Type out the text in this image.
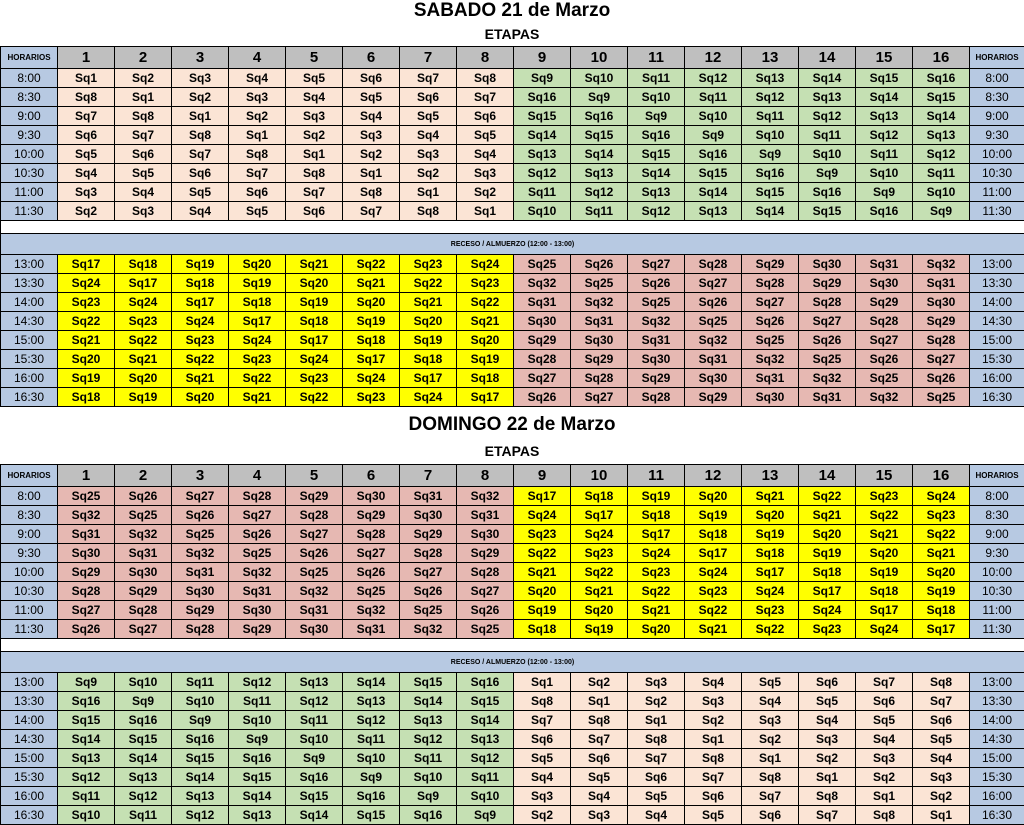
SABADO 21 de Marzo
ETAPAS
HORARIOS	1	2	3	4	5	6	7	8	9	10	11	12	13	14	15	16	HORARIOS
8:00	Sq1	Sq2	Sq3	Sq4	Sq5	Sq6	Sq7	Sq8	Sq9	Sq10	Sq11	Sq12	Sq13	Sq14	Sq15	Sq16	8:00
8:30	Sq8	Sq1	Sq2	Sq3	Sq4	Sq5	Sq6	Sq7	Sq16	Sq9	Sq10	Sq11	Sq12	Sq13	Sq14	Sq15	8:30
9:00	Sq7	Sq8	Sq1	Sq2	Sq3	Sq4	Sq5	Sq6	Sq15	Sq16	Sq9	Sq10	Sq11	Sq12	Sq13	Sq14	9:00
9:30	Sq6	Sq7	Sq8	Sq1	Sq2	Sq3	Sq4	Sq5	Sq14	Sq15	Sq16	Sq9	Sq10	Sq11	Sq12	Sq13	9:30
10:00	Sq5	Sq6	Sq7	Sq8	Sq1	Sq2	Sq3	Sq4	Sq13	Sq14	Sq15	Sq16	Sq9	Sq10	Sq11	Sq12	10:00
10:30	Sq4	Sq5	Sq6	Sq7	Sq8	Sq1	Sq2	Sq3	Sq12	Sq13	Sq14	Sq15	Sq16	Sq9	Sq10	Sq11	10:30
11:00	Sq3	Sq4	Sq5	Sq6	Sq7	Sq8	Sq1	Sq2	Sq11	Sq12	Sq13	Sq14	Sq15	Sq16	Sq9	Sq10	11:00
11:30	Sq2	Sq3	Sq4	Sq5	Sq6	Sq7	Sq8	Sq1	Sq10	Sq11	Sq12	Sq13	Sq14	Sq15	Sq16	Sq9	11:30

RECESO / ALMUERZO (12:00 - 13:00)																	
13:00	Sq17	Sq18	Sq19	Sq20	Sq21	Sq22	Sq23	Sq24	Sq25	Sq26	Sq27	Sq28	Sq29	Sq30	Sq31	Sq32	13:00
13:30	Sq24	Sq17	Sq18	Sq19	Sq20	Sq21	Sq22	Sq23	Sq32	Sq25	Sq26	Sq27	Sq28	Sq29	Sq30	Sq31	13:30
14:00	Sq23	Sq24	Sq17	Sq18	Sq19	Sq20	Sq21	Sq22	Sq31	Sq32	Sq25	Sq26	Sq27	Sq28	Sq29	Sq30	14:00
14:30	Sq22	Sq23	Sq24	Sq17	Sq18	Sq19	Sq20	Sq21	Sq30	Sq31	Sq32	Sq25	Sq26	Sq27	Sq28	Sq29	14:30
15:00	Sq21	Sq22	Sq23	Sq24	Sq17	Sq18	Sq19	Sq20	Sq29	Sq30	Sq31	Sq32	Sq25	Sq26	Sq27	Sq28	15:00
15:30	Sq20	Sq21	Sq22	Sq23	Sq24	Sq17	Sq18	Sq19	Sq28	Sq29	Sq30	Sq31	Sq32	Sq25	Sq26	Sq27	15:30
16:00	Sq19	Sq20	Sq21	Sq22	Sq23	Sq24	Sq17	Sq18	Sq27	Sq28	Sq29	Sq30	Sq31	Sq32	Sq25	Sq26	16:00
16:30	Sq18	Sq19	Sq20	Sq21	Sq22	Sq23	Sq24	Sq17	Sq26	Sq27	Sq28	Sq29	Sq30	Sq31	Sq32	Sq25	16:30
DOMINGO 22 de Marzo
ETAPAS
HORARIOS	1	2	3	4	5	6	7	8	9	10	11	12	13	14	15	16	HORARIOS
8:00	Sq25	Sq26	Sq27	Sq28	Sq29	Sq30	Sq31	Sq32	Sq17	Sq18	Sq19	Sq20	Sq21	Sq22	Sq23	Sq24	8:00
8:30	Sq32	Sq25	Sq26	Sq27	Sq28	Sq29	Sq30	Sq31	Sq24	Sq17	Sq18	Sq19	Sq20	Sq21	Sq22	Sq23	8:30
9:00	Sq31	Sq32	Sq25	Sq26	Sq27	Sq28	Sq29	Sq30	Sq23	Sq24	Sq17	Sq18	Sq19	Sq20	Sq21	Sq22	9:00
9:30	Sq30	Sq31	Sq32	Sq25	Sq26	Sq27	Sq28	Sq29	Sq22	Sq23	Sq24	Sq17	Sq18	Sq19	Sq20	Sq21	9:30
10:00	Sq29	Sq30	Sq31	Sq32	Sq25	Sq26	Sq27	Sq28	Sq21	Sq22	Sq23	Sq24	Sq17	Sq18	Sq19	Sq20	10:00
10:30	Sq28	Sq29	Sq30	Sq31	Sq32	Sq25	Sq26	Sq27	Sq20	Sq21	Sq22	Sq23	Sq24	Sq17	Sq18	Sq19	10:30
11:00	Sq27	Sq28	Sq29	Sq30	Sq31	Sq32	Sq25	Sq26	Sq19	Sq20	Sq21	Sq22	Sq23	Sq24	Sq17	Sq18	11:00
11:30	Sq26	Sq27	Sq28	Sq29	Sq30	Sq31	Sq32	Sq25	Sq18	Sq19	Sq20	Sq21	Sq22	Sq23	Sq24	Sq17	11:30

RECESO / ALMUERZO (12:00 - 13:00)																	
13:00	Sq9	Sq10	Sq11	Sq12	Sq13	Sq14	Sq15	Sq16	Sq1	Sq2	Sq3	Sq4	Sq5	Sq6	Sq7	Sq8	13:00
13:30	Sq16	Sq9	Sq10	Sq11	Sq12	Sq13	Sq14	Sq15	Sq8	Sq1	Sq2	Sq3	Sq4	Sq5	Sq6	Sq7	13:30
14:00	Sq15	Sq16	Sq9	Sq10	Sq11	Sq12	Sq13	Sq14	Sq7	Sq8	Sq1	Sq2	Sq3	Sq4	Sq5	Sq6	14:00
14:30	Sq14	Sq15	Sq16	Sq9	Sq10	Sq11	Sq12	Sq13	Sq6	Sq7	Sq8	Sq1	Sq2	Sq3	Sq4	Sq5	14:30
15:00	Sq13	Sq14	Sq15	Sq16	Sq9	Sq10	Sq11	Sq12	Sq5	Sq6	Sq7	Sq8	Sq1	Sq2	Sq3	Sq4	15:00
15:30	Sq12	Sq13	Sq14	Sq15	Sq16	Sq9	Sq10	Sq11	Sq4	Sq5	Sq6	Sq7	Sq8	Sq1	Sq2	Sq3	15:30
16:00	Sq11	Sq12	Sq13	Sq14	Sq15	Sq16	Sq9	Sq10	Sq3	Sq4	Sq5	Sq6	Sq7	Sq8	Sq1	Sq2	16:00
16:30	Sq10	Sq11	Sq12	Sq13	Sq14	Sq15	Sq16	Sq9	Sq2	Sq3	Sq4	Sq5	Sq6	Sq7	Sq8	Sq1	16:30
